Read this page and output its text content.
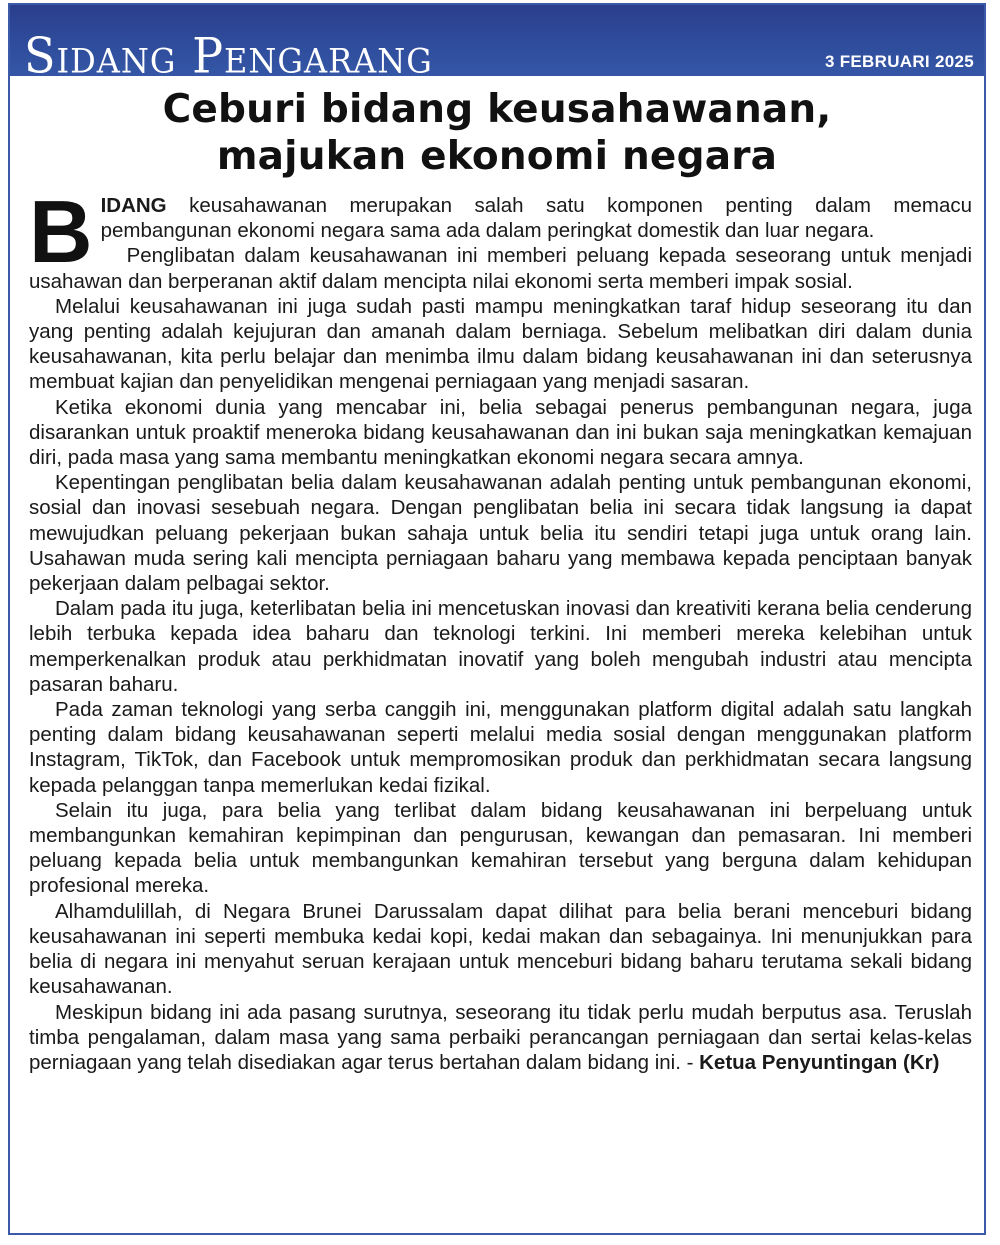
Sidang Pengarang	3 FEBRUARI 2025
Ceburi bidang keusahawanan,
majukan ekonomi negara

BIDANG keusahawanan merupakan salah satu komponen penting dalam memacu pembangunan ekonomi negara sama ada dalam peringkat domestik dan luar negara.

Penglibatan dalam keusahawanan ini memberi peluang kepada seseorang untuk menjadi usahawan dan berperanan aktif dalam mencipta nilai ekonomi serta memberi impak sosial.

Melalui keusahawanan ini juga sudah pasti mampu meningkatkan taraf hidup seseorang itu dan yang penting adalah kejujuran dan amanah dalam berniaga. Sebelum melibatkan diri dalam dunia keusahawanan, kita perlu belajar dan menimba ilmu dalam bidang keusahawanan ini dan seterusnya membuat kajian dan penyelidikan mengenai perniagaan yang menjadi sasaran.

Ketika ekonomi dunia yang mencabar ini, belia sebagai penerus pembangunan negara, juga disarankan untuk proaktif meneroka bidang keusahawanan dan ini bukan saja meningkatkan kemajuan diri, pada masa yang sama membantu meningkatkan ekonomi negara secara amnya.

Kepentingan penglibatan belia dalam keusahawanan adalah penting untuk pembangunan ekonomi, sosial dan inovasi sesebuah negara. Dengan penglibatan belia ini secara tidak langsung ia dapat mewujudkan peluang pekerjaan bukan sahaja untuk belia itu sendiri tetapi juga untuk orang lain. Usahawan muda sering kali mencipta perniagaan baharu yang membawa kepada penciptaan banyak pekerjaan dalam pelbagai sektor.

Dalam pada itu juga, keterlibatan belia ini mencetuskan inovasi dan kreativiti kerana belia cenderung lebih terbuka kepada idea baharu dan teknologi terkini. Ini memberi mereka kelebihan untuk memperkenalkan produk atau perkhidmatan inovatif yang boleh mengubah industri atau mencipta pasaran baharu.

Pada zaman teknologi yang serba canggih ini, menggunakan platform digital adalah satu langkah penting dalam bidang keusahawanan seperti melalui media sosial dengan menggunakan platform Instagram, TikTok, dan Facebook untuk mempromosikan produk dan perkhidmatan secara langsung kepada pelanggan tanpa memerlukan kedai fizikal.

Selain itu juga, para belia yang terlibat dalam bidang keusahawanan ini berpeluang untuk membangunkan kemahiran kepimpinan dan pengurusan, kewangan dan pemasaran. Ini memberi peluang kepada belia untuk membangunkan kemahiran tersebut yang berguna dalam kehidupan profesional mereka.

Alhamdulillah, di Negara Brunei Darussalam dapat dilihat para belia berani menceburi bidang keusahawanan ini seperti membuka kedai kopi, kedai makan dan sebagainya. Ini menunjukkan para belia di negara ini menyahut seruan kerajaan untuk menceburi bidang baharu terutama sekali bidang keusahawanan.

Meskipun bidang ini ada pasang surutnya, seseorang itu tidak perlu mudah berputus asa. Teruslah timba pengalaman, dalam masa yang sama perbaiki perancangan perniagaan dan sertai kelas-kelas perniagaan yang telah disediakan agar terus bertahan dalam bidang ini. - Ketua Penyuntingan (Kr)
